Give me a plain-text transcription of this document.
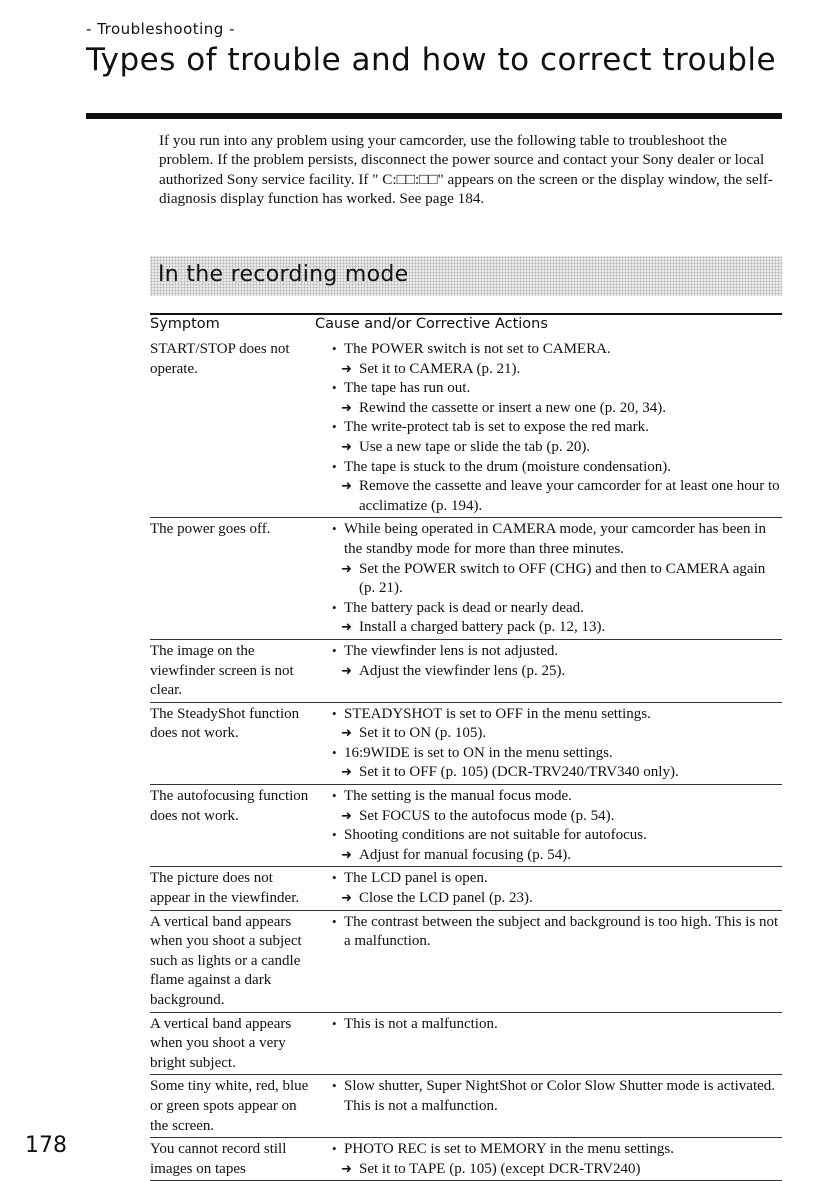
- Troubleshooting -
Types of trouble and how to correct trouble

If you run into any problem using your camcorder, use the following table to troubleshoot the problem. If the problem persists, disconnect the power source and contact your Sony dealer or local authorized Sony service facility. If " C:□□:□□" appears on the screen or the display window, the self-diagnosis display function has worked. See page 184.

In the recording mode
Symptom	Cause and/or Corrective Actions
START/STOP does not operate.
• The POWER switch is not set to CAMERA.
➜ Set it to CAMERA (p. 21).
• The tape has run out.
➜ Rewind the cassette or insert a new one (p. 20, 34).
• The write-protect tab is set to expose the red mark.
➜ Use a new tape or slide the tab (p. 20).
• The tape is stuck to the drum (moisture condensation).
➜ Remove the cassette and leave your camcorder for at least one hour to acclimatize (p. 194).
The power goes off.	• While being operated in CAMERA mode, your camcorder has been in the standby mode for more than three minutes.
➜ Set the POWER switch to OFF (CHG) and then to CAMERA again (p. 21).
• The battery pack is dead or nearly dead.
➜ Install a charged battery pack (p. 12, 13).
The image on the viewfinder screen is not clear.
• The viewfinder lens is not adjusted.
➜ Adjust the viewfinder lens (p. 25).
The SteadyShot function does not work.
• STEADYSHOT is set to OFF in the menu settings.
➜ Set it to ON (p. 105).
• 16:9WIDE is set to ON in the menu settings.
➜ Set it to OFF (p. 105) (DCR-TRV240/TRV340 only).
The autofocusing function does not work.
• The setting is the manual focus mode.
➜ Set FOCUS to the autofocus mode (p. 54).
• Shooting conditions are not suitable for autofocus.
➜ Adjust for manual focusing (p. 54).
The picture does not appear in the viewfinder.
• The LCD panel is open.
➜ Close the LCD panel (p. 23).
A vertical band appears when you shoot a subject such as lights or a candle flame against a dark background.
• The contrast between the subject and background is too high. This is not a malfunction.
A vertical band appears when you shoot a very bright subject.
• This is not a malfunction.
Some tiny white, red, blue or green spots appear on the screen.
• Slow shutter, Super NightShot or Color Slow Shutter mode is activated. This is not a malfunction.
You cannot record still images on tapes
• PHOTO REC is set to MEMORY in the menu settings.
➜ Set it to TAPE (p. 105) (except DCR-TRV240)
178
